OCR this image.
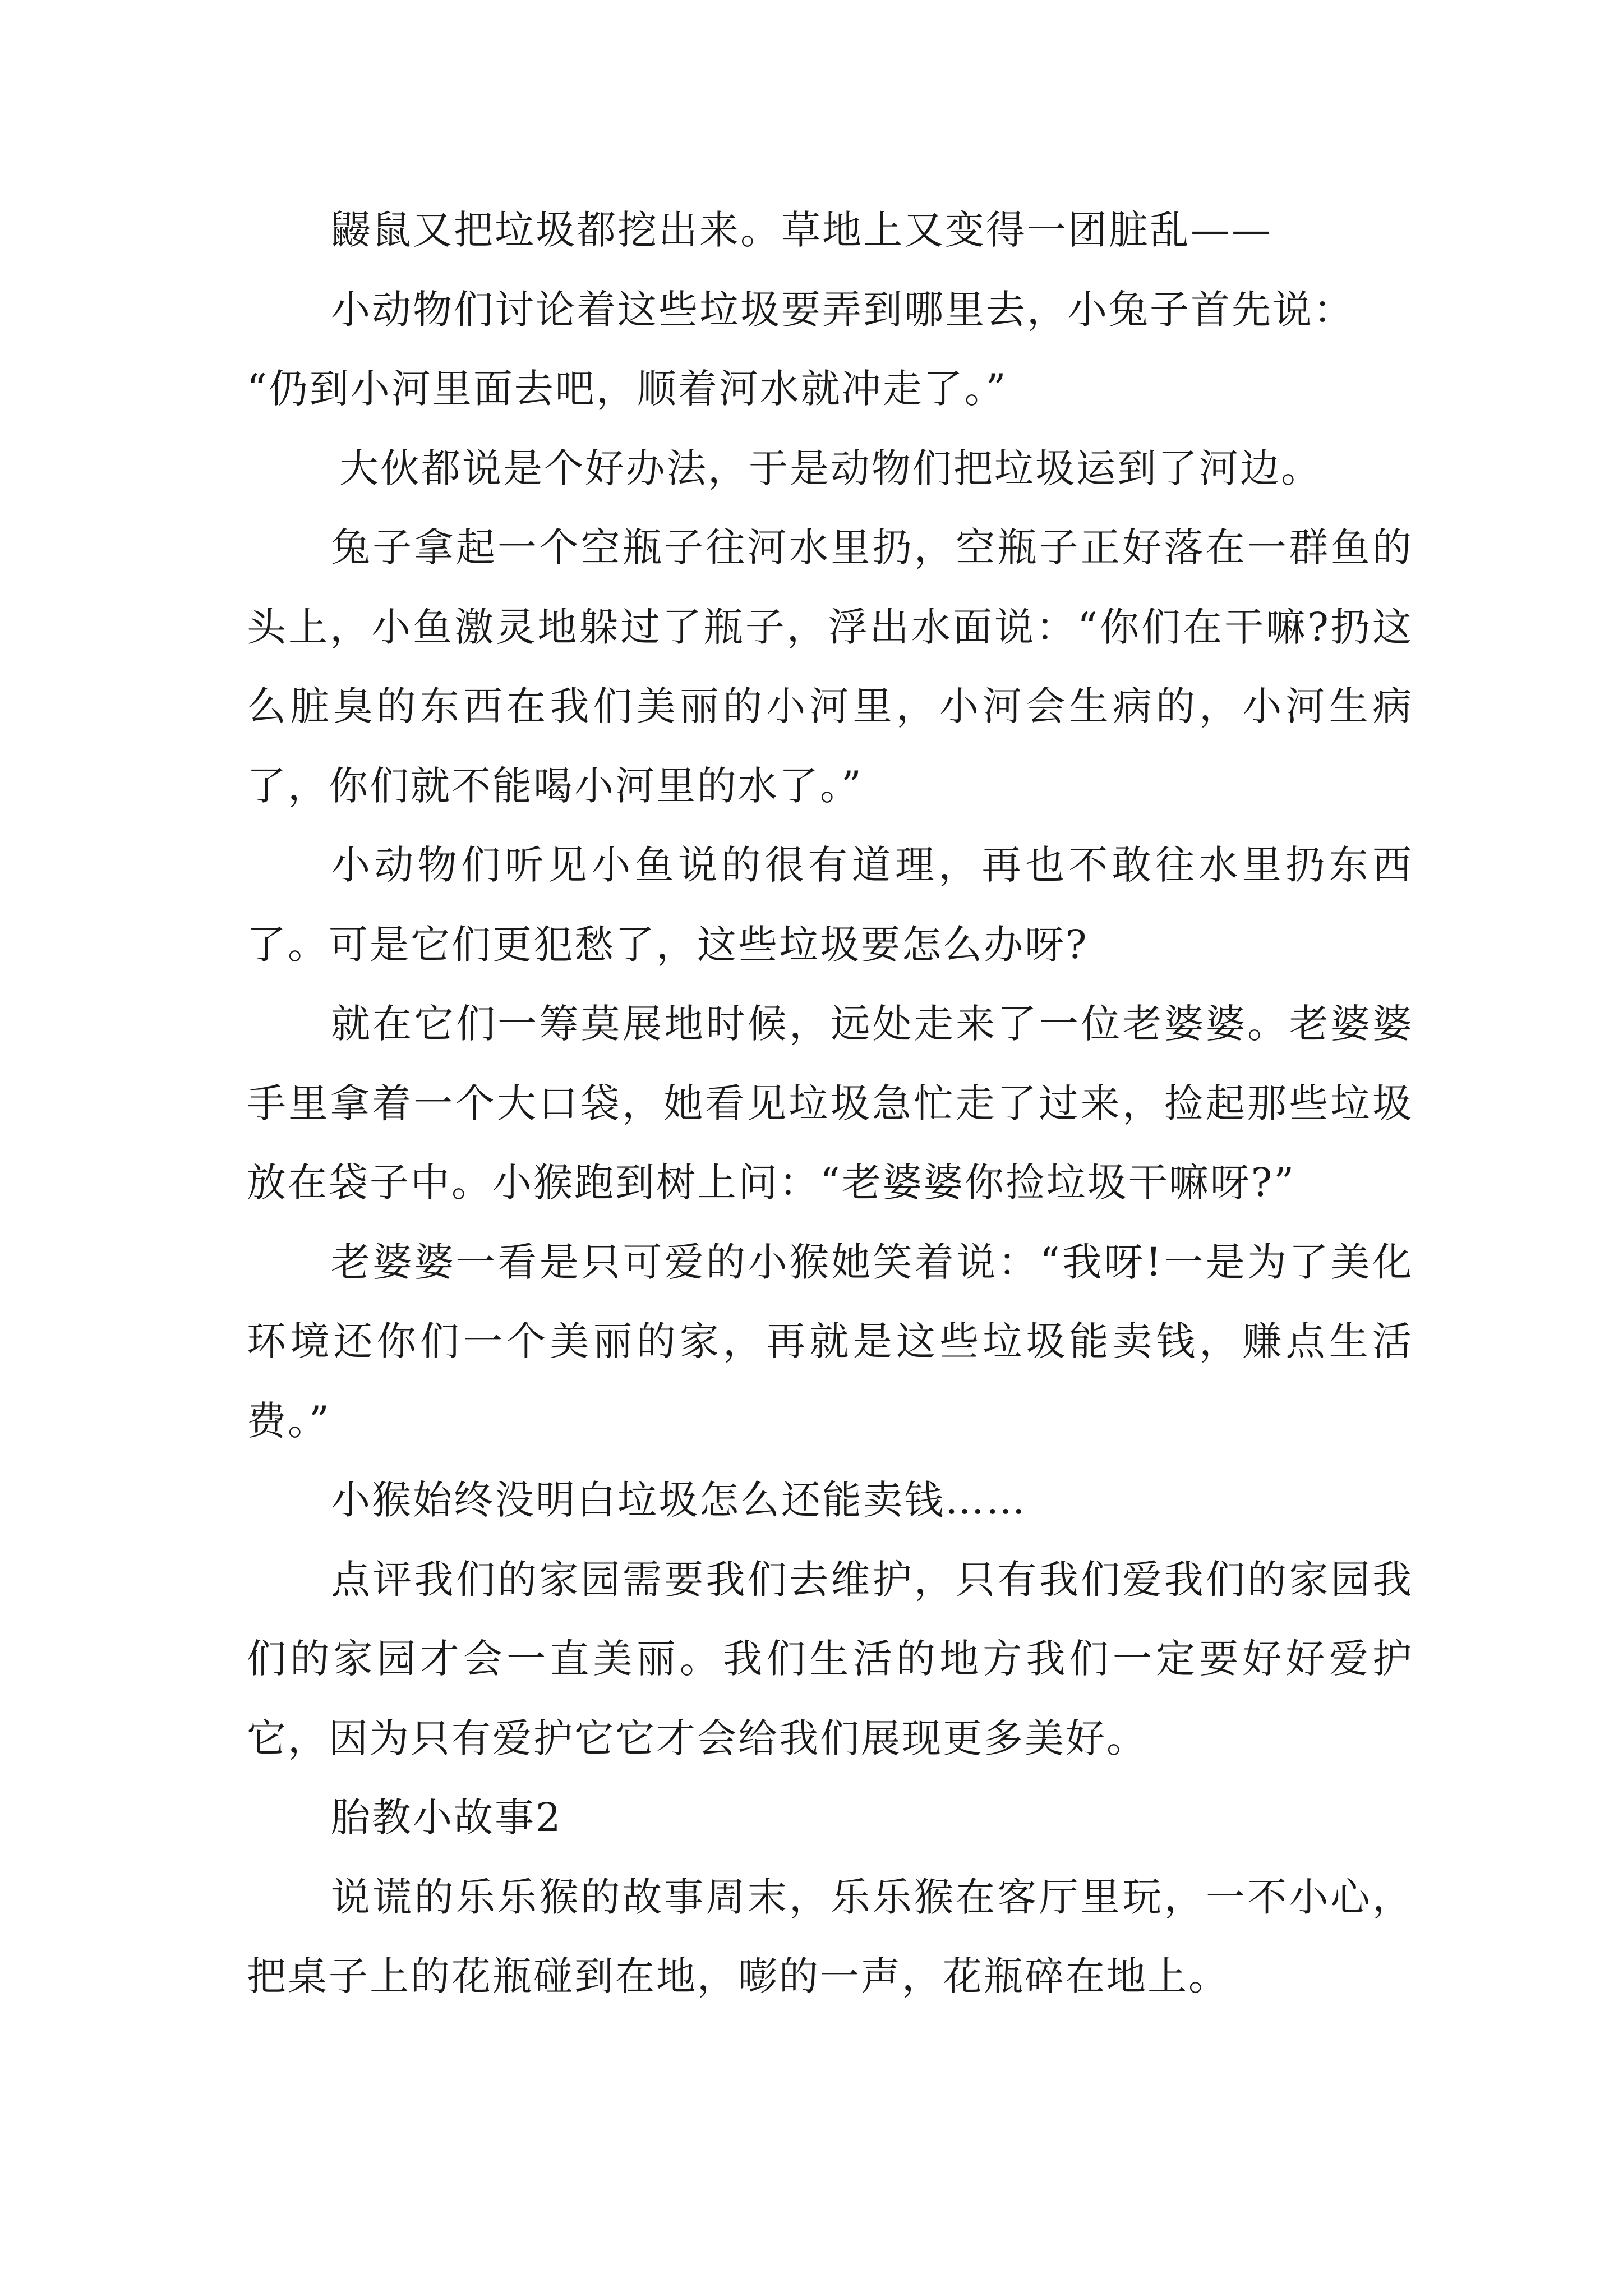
鼹鼠又把垃圾都挖出来。草地上又变得一团脏乱——

小动物们讨论着这些垃圾要弄到哪里去，小兔子首先说：

“仍到小河里面去吧，顺着河水就冲走了。”

大伙都说是个好办法，于是动物们把垃圾运到了河边。

兔子拿起一个空瓶子往河水里扔，空瓶子正好落在一群鱼的头上，小鱼激灵地躲过了瓶子，浮出水面说：“你们在干嘛?扔这么脏臭的东西在我们美丽的小河里，小河会生病的，小河生病了，你们就不能喝小河里的水了。”

小动物们听见小鱼说的很有道理，再也不敢往水里扔东西了。可是它们更犯愁了，这些垃圾要怎么办呀?

就在它们一筹莫展地时候，远处走来了一位老婆婆。老婆婆手里拿着一个大口袋，她看见垃圾急忙走了过来，捡起那些垃圾放在袋子中。小猴跑到树上问：“老婆婆你捡垃圾干嘛呀?”

老婆婆一看是只可爱的小猴她笑着说：“我呀!一是为了美化环境还你们一个美丽的家，再就是这些垃圾能卖钱，赚点生活费。”

小猴始终没明白垃圾怎么还能卖钱……

点评我们的家园需要我们去维护，只有我们爱我们的家园我们的家园才会一直美丽。我们生活的地方我们一定要好好爱护它，因为只有爱护它它才会给我们展现更多美好。

胎教小故事2

说谎的乐乐猴的故事周末，乐乐猴在客厅里玩，一不小心，把桌子上的花瓶碰到在地，嘭的一声，花瓶碎在地上。
